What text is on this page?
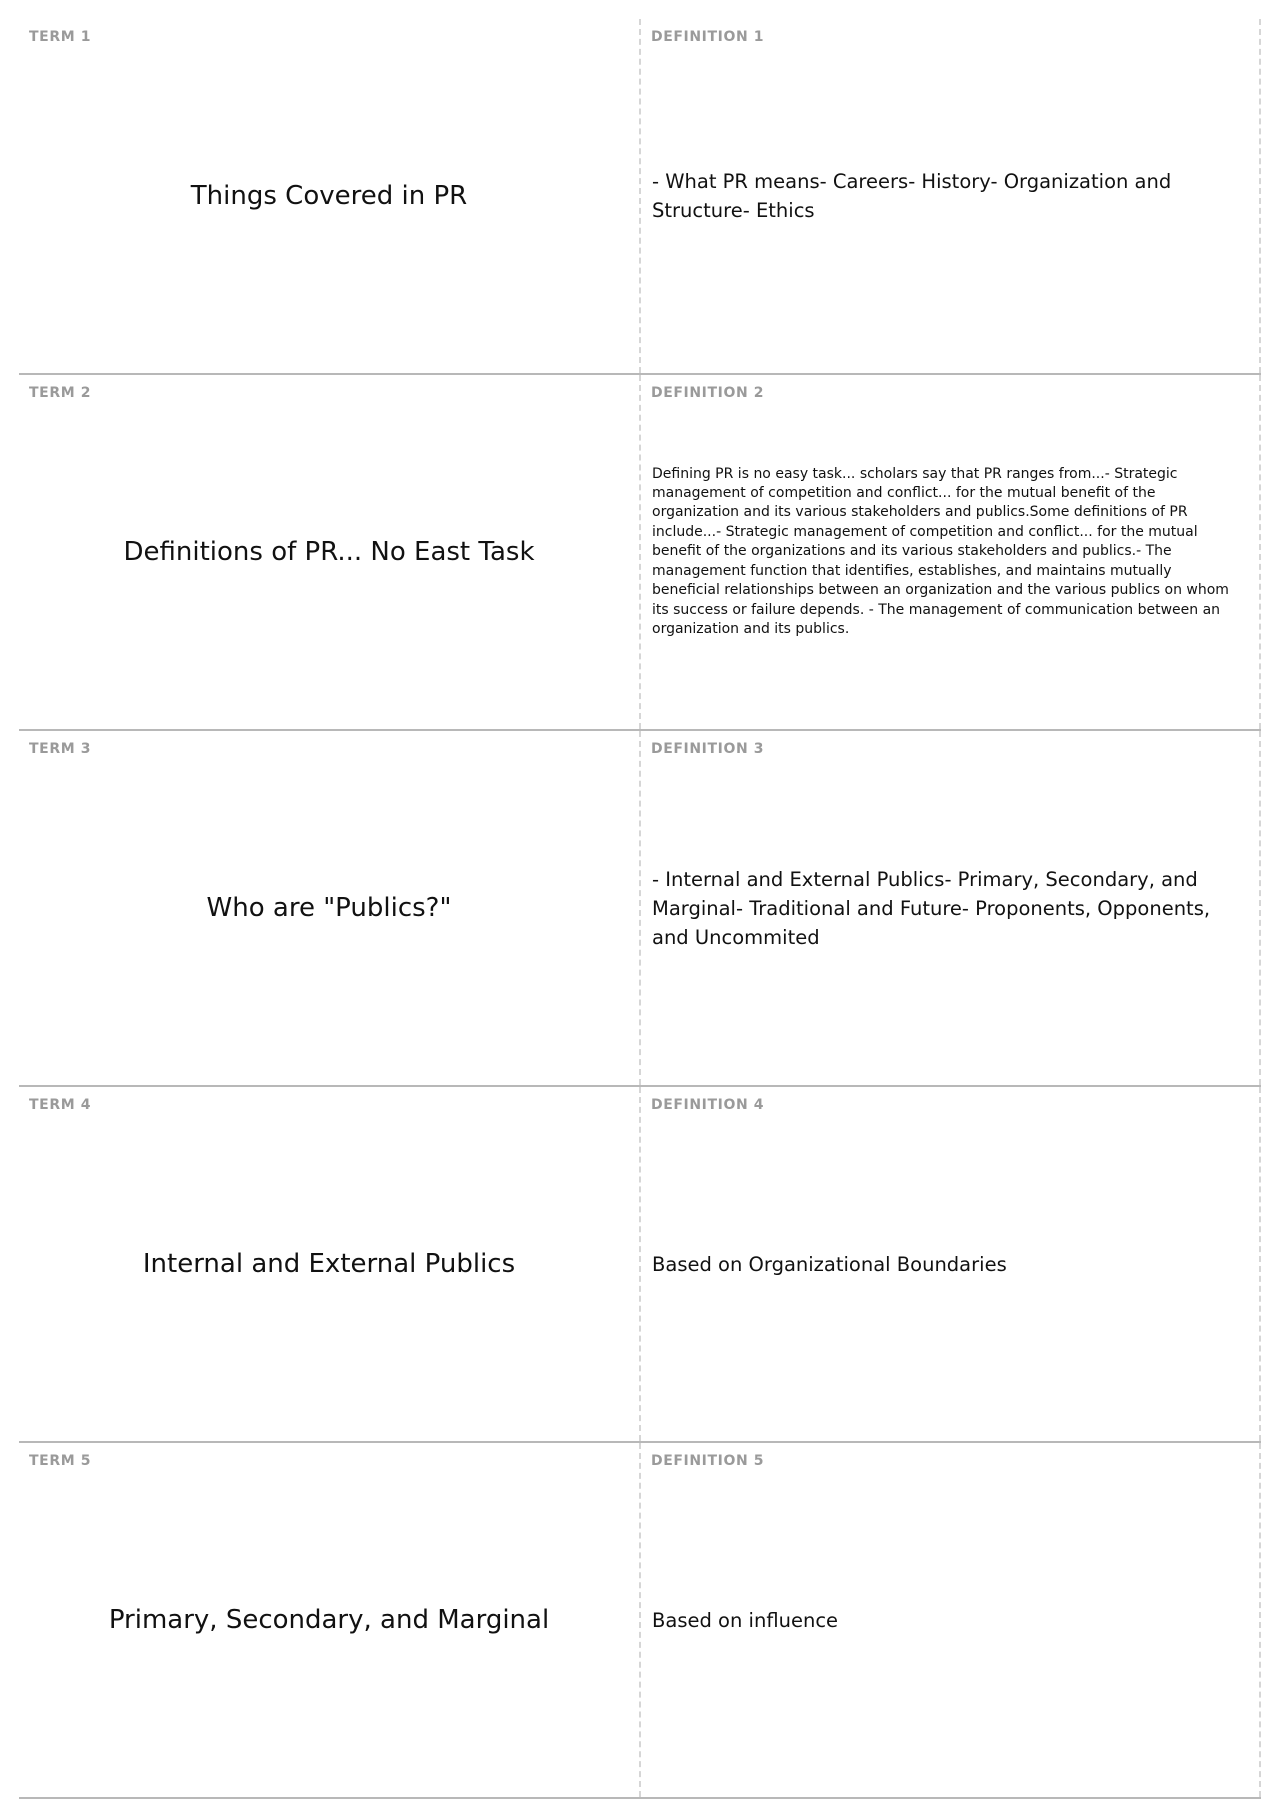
TERM 1
Things Covered in PR
DEFINITION 1
- What PR means- Careers- History- Organization and Structure- Ethics
TERM 2
Definitions of PR... No East Task
DEFINITION 2
Defining PR is no easy task... scholars say that PR ranges from...- Strategic management of competition and conflict... for the mutual benefit of the organization and its various stakeholders and publics.Some definitions of PR include...- Strategic management of competition and conflict... for the mutual benefit of the organizations and its various stakeholders and publics.- The management function that identifies, establishes, and maintains mutually beneficial relationships between an organization and the various publics on whom its success or failure depends. - The management of communication between an organization and its publics.
TERM 3
Who are "Publics?"
DEFINITION 3
- Internal and External Publics- Primary, Secondary, and Marginal- Traditional and Future- Proponents, Opponents, and Uncommited
TERM 4
Internal and External Publics
DEFINITION 4
Based on Organizational Boundaries
TERM 5
Primary, Secondary, and Marginal
DEFINITION 5
Based on influence
